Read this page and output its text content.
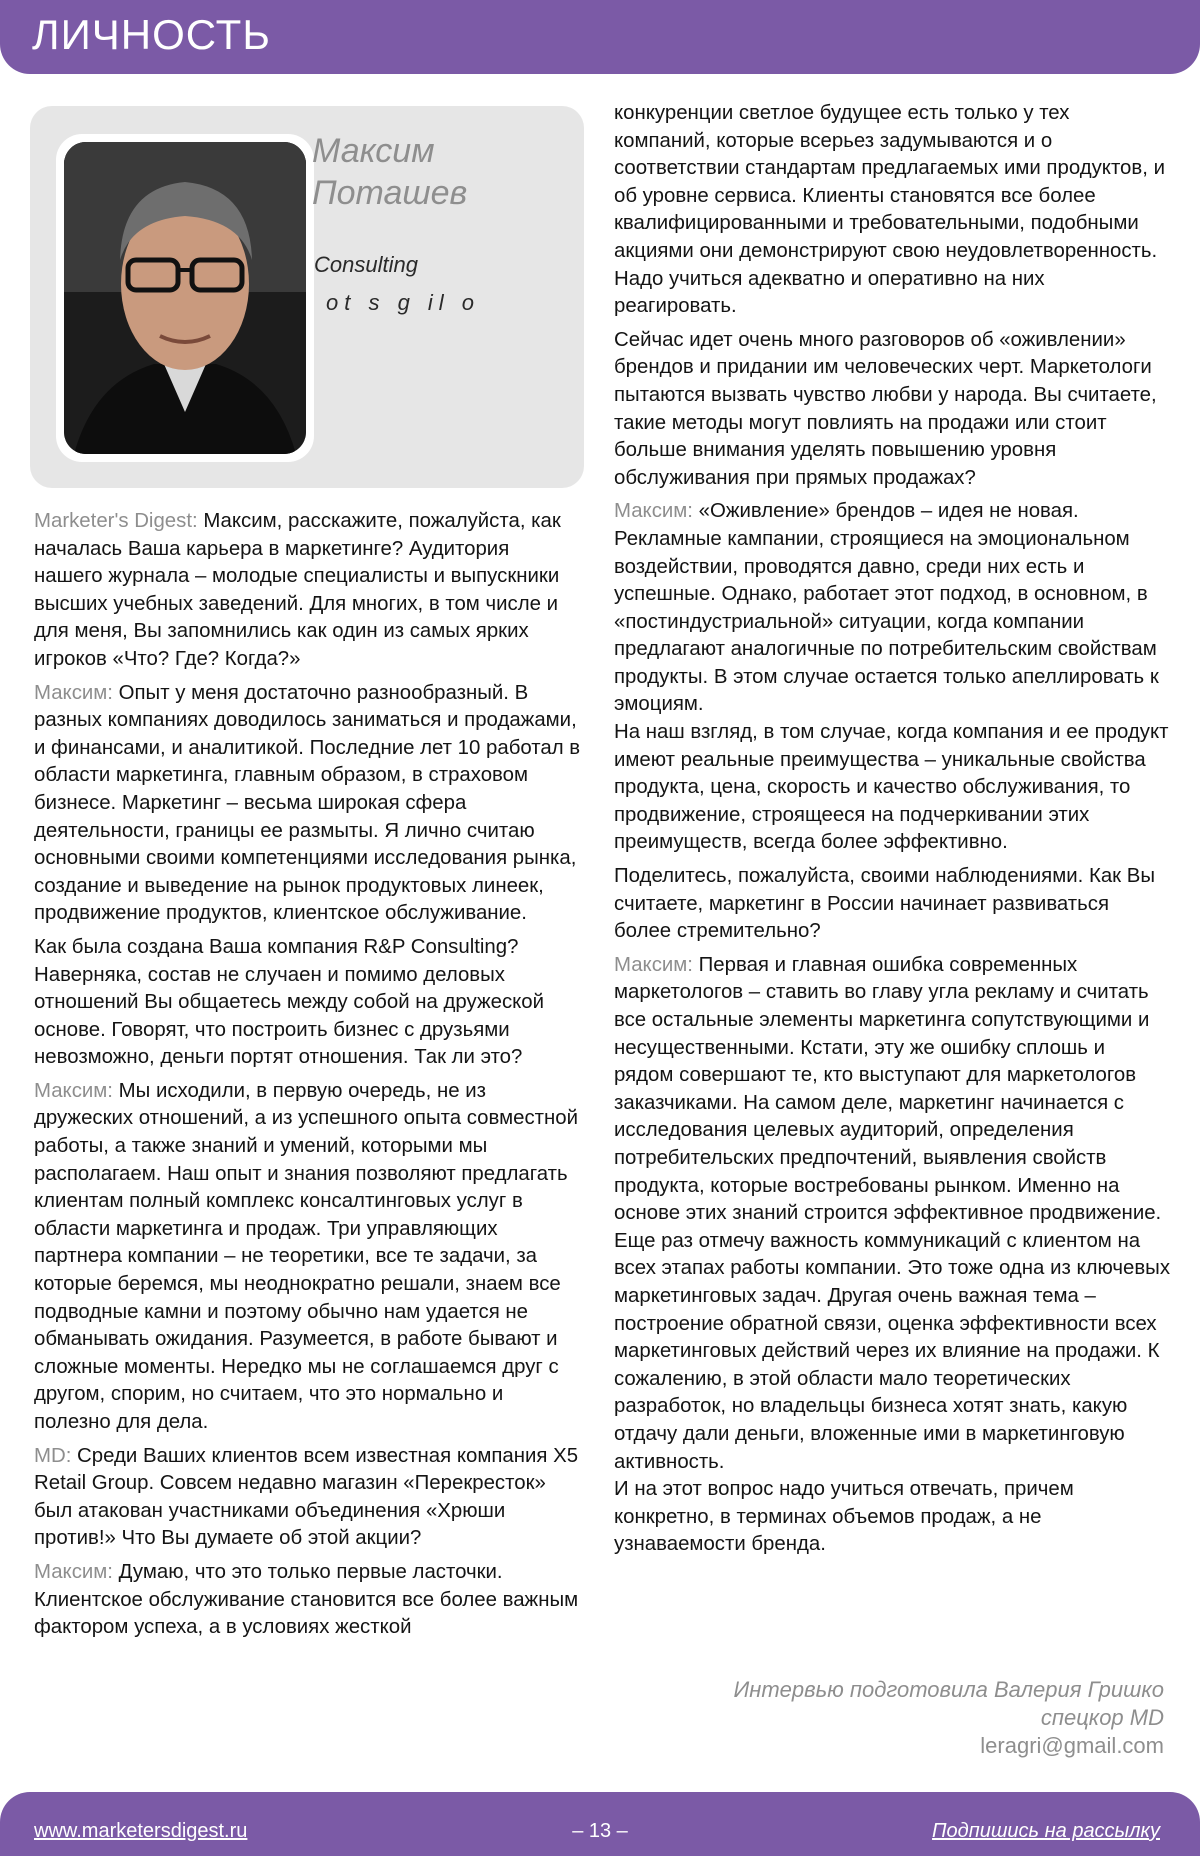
ЛИЧНОСТЬ
Максим
Поташев
Consulting
ot s g il o

Marketer's Digest: Максим, расскажите, пожалуйста, как началась Ваша карьера в маркетинге? Аудитория нашего журнала – молодые специалисты и выпускники высших учебных заведений. Для многих, в том числе и для меня, Вы запомнились как один из самых ярких игроков «Что? Где? Когда?»

Максим: Опыт у меня достаточно разнообразный. В разных компаниях доводилось заниматься и продажами, и финансами, и аналитикой. Последние лет 10 работал в области маркетинга, главным образом, в страховом бизнесе. Маркетинг – весьма широкая сфера деятельности, границы ее размыты. Я лично считаю основными своими компетенциями исследования рынка, создание и выведение на рынок продуктовых линеек, продвижение продуктов, клиентское обслуживание.

Как была создана Ваша компания R&P Consulting? Наверняка, состав не случаен и помимо деловых отношений Вы общаетесь между собой на дружеской основе. Говорят, что построить бизнес с друзьями невозможно, деньги портят отношения. Так ли это?

Максим: Мы исходили, в первую очередь, не из дружеских отношений, а из успешного опыта совместной работы, а также знаний и умений, которыми мы располагаем. Наш опыт и знания позволяют предлагать клиентам полный комплекс консалтинговых услуг в области маркетинга и продаж. Три управляющих партнера компании – не теоретики, все те задачи, за которые беремся, мы неоднократно решали, знаем все подводные камни и поэтому обычно нам удается не обманывать ожидания. Разумеется, в работе бывают и сложные моменты. Нередко мы не соглашаемся друг с другом, спорим, но считаем, что это нормально и полезно для дела.

MD: Среди Ваших клиентов всем известная компания X5 Retail Group. Совсем недавно магазин «Перекресток» был атакован участниками объединения «Хрюши против!» Что Вы думаете об этой акции?

Максим: Думаю, что это только первые ласточки. Клиентское обслуживание становится все более важным фактором успеха, а в условиях жесткой

конкуренции светлое будущее есть только у тех компаний, которые всерьез задумываются и о соответствии стандартам предлагаемых ими продуктов, и об уровне сервиса. Клиенты становятся все более квалифицированными и требовательными, подобными акциями они демонстрируют свою неудовлетворенность. Надо учиться адекватно и оперативно на них реагировать.

Сейчас идет очень много разговоров об «оживлении» брендов и придании им человеческих черт. Маркетологи пытаются вызвать чувство любви у народа. Вы считаете, такие методы могут повлиять на продажи или стоит больше внимания уделять повышению уровня обслуживания при прямых продажах?

Максим: «Оживление» брендов – идея не новая. Рекламные кампании, строящиеся на эмоциональном воздействии, проводятся давно, среди них есть и успешные. Однако, работает этот подход, в основном, в «постиндустриальной» ситуации, когда компании предлагают аналогичные по потребительским свойствам продукты. В этом случае остается только апеллировать к эмоциям.
На наш взгляд, в том случае, когда компания и ее продукт имеют реальные преимущества – уникальные свойства продукта, цена, скорость и качество обслуживания, то продвижение, строящееся на подчеркивании этих преимуществ, всегда более эффективно.

Поделитесь, пожалуйста, своими наблюдениями. Как Вы считаете, маркетинг в России начинает развиваться более стремительно?

Максим: Первая и главная ошибка современных маркетологов – ставить во главу угла рекламу и считать все остальные элементы маркетинга сопутствующими и несущественными. Кстати, эту же ошибку сплошь и рядом совершают те, кто выступают для маркетологов заказчиками. На самом деле, маркетинг начинается с исследования целевых аудиторий, определения потребительских предпочтений, выявления свойств продукта, которые востребованы рынком. Именно на основе этих знаний строится эффективное продвижение. Еще раз отмечу важность коммуникаций с клиентом на всех этапах работы компании. Это тоже одна из ключевых маркетинговых задач. Другая очень важная тема – построение обратной связи, оценка эффективности всех маркетинговых действий через их влияние на продажи. К сожалению, в этой области мало теоретических разработок, но владельцы бизнеса хотят знать, какую отдачу дали деньги, вложенные ими в маркетинговую активность.
И на этот вопрос надо учиться отвечать, причем конкретно, в терминах объемов продаж, а не узнаваемости бренда.

Интервью подготовила Валерия Гришко
спецкор MD
leragri@gmail.com
www.marketersdigest.ru	– 13 –	Подпишись на рассылку
